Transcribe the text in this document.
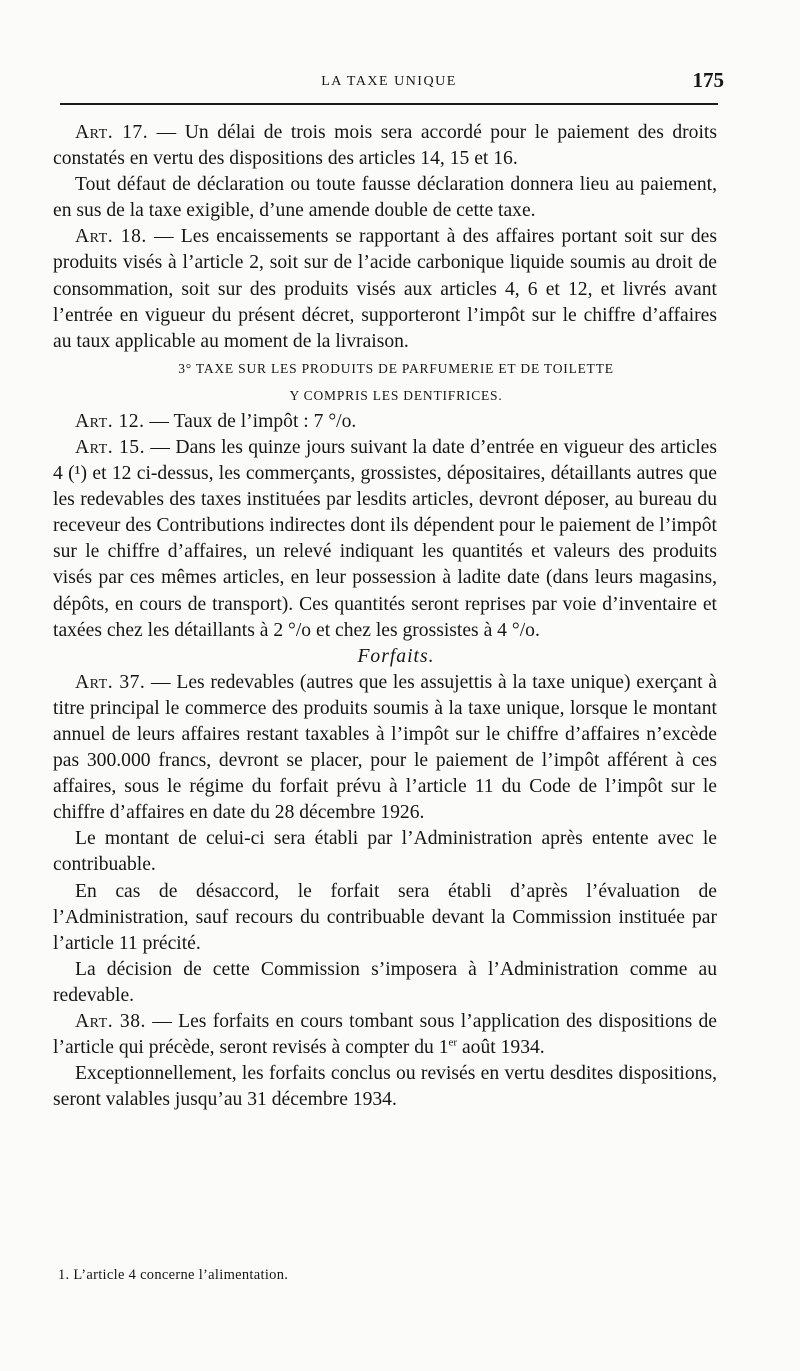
LA TAXE UNIQUE	175

Art. 17. — Un délai de trois mois sera accordé pour le paiement des droits constatés en vertu des dispositions des articles 14, 15 et 16.

Tout défaut de déclaration ou toute fausse déclaration donnera lieu au paiement, en sus de la taxe exigible, d’une amende double de cette taxe.

Art. 18. — Les encaissements se rapportant à des affaires portant soit sur des produits visés à l’article 2, soit sur de l’acide carbonique liquide soumis au droit de consommation, soit sur des produits visés aux articles 4, 6 et 12, et livrés avant l’entrée en vigueur du présent décret, supporteront l’impôt sur le chiffre d’affaires au taux applicable au moment de la livraison.

3° TAXE SUR LES PRODUITS DE PARFUMERIE ET DE TOILETTE
Y COMPRIS LES DENTIFRICES.

Art. 12. — Taux de l’impôt : 7 °/o.

Art. 15. — Dans les quinze jours suivant la date d’entrée en vigueur des articles 4 (¹) et 12 ci-dessus, les commerçants, grossistes, dépositaires, détaillants autres que les redevables des taxes instituées par lesdits articles, devront déposer, au bureau du receveur des Contributions indirectes dont ils dépendent pour le paiement de l’impôt sur le chiffre d’affaires, un relevé indiquant les quantités et valeurs des produits visés par ces mêmes articles, en leur possession à ladite date (dans leurs magasins, dépôts, en cours de transport). Ces quantités seront reprises par voie d’inventaire et taxées chez les détaillants à 2 °/o et chez les grossistes à 4 °/o.

Forfaits.

Art. 37. — Les redevables (autres que les assujettis à la taxe unique) exerçant à titre principal le commerce des produits soumis à la taxe unique, lorsque le montant annuel de leurs affaires restant taxables à l’impôt sur le chiffre d’affaires n’excède pas 300.000 francs, devront se placer, pour le paiement de l’impôt afférent à ces affaires, sous le régime du forfait prévu à l’article 11 du Code de l’impôt sur le chiffre d’affaires en date du 28 décembre 1926.

Le montant de celui-ci sera établi par l’Administration après entente avec le contribuable.

En cas de désaccord, le forfait sera établi d’après l’évaluation de l’Administration, sauf recours du contribuable devant la Commission instituée par l’article 11 précité.

La décision de cette Commission s’imposera à l’Administration comme au redevable.

Art. 38. — Les forfaits en cours tombant sous l’application des dispositions de l’article qui précède, seront revisés à compter du 1er août 1934.

Exceptionnellement, les forfaits conclus ou revisés en vertu desdites dispositions, seront valables jusqu’au 31 décembre 1934.

1. L’article 4 concerne l’alimentation.
